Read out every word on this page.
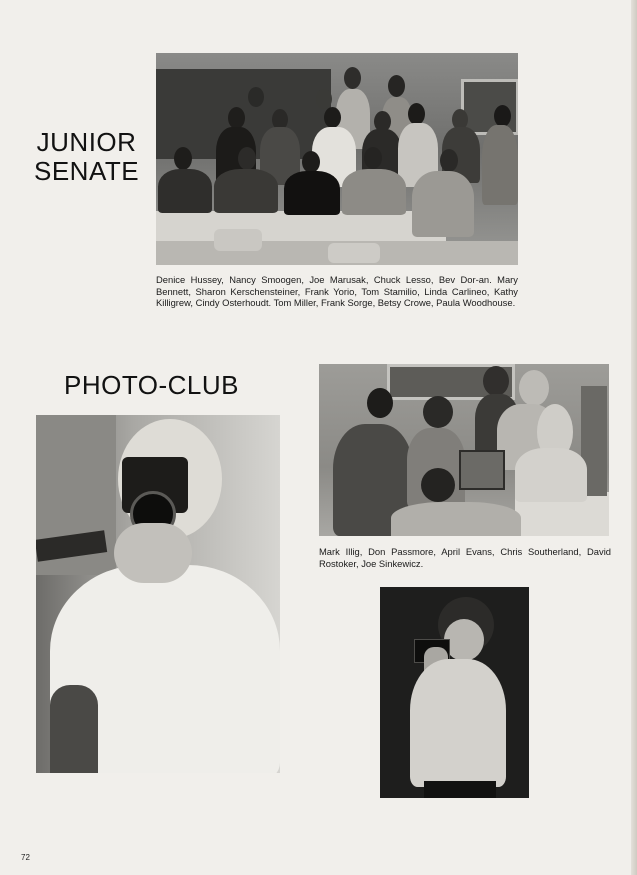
JUNIOR
SENATE
Denice Hussey, Nancy Smoogen, Joe Marusak, Chuck Lesso, Bev Dor-an. Mary Bennett, Sharon Kerschensteiner, Frank Yorio, Tom Stamilio, Linda Carlineo, Kathy Killigrew, Cindy Osterhoudt. Tom Miller, Frank Sorge, Betsy Crowe, Paula Woodhouse.
PHOTO-CLUB
Mark Illig, Don Passmore, April Evans, Chris Southerland, David Rostoker, Joe Sinkewicz.
72
